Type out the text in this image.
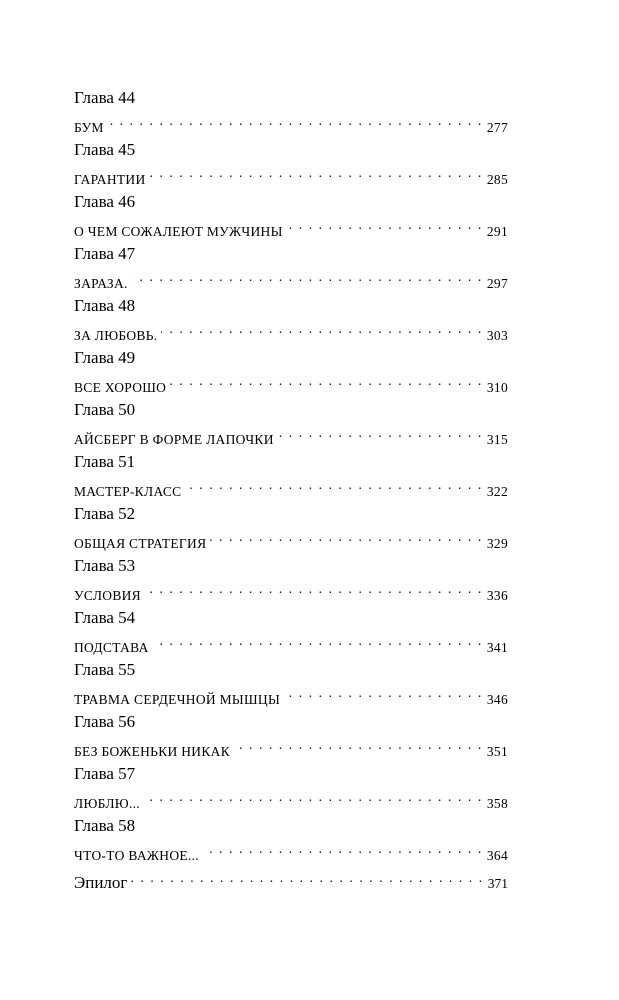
Глава 44
БУМ . . .	277
Глава 45
ГАРАНТИИ . . .	285
Глава 46
О ЧЕМ СОЖАЛЕЮТ МУЖЧИНЫ . . .	291
Глава 47
ЗАРАЗА. . . .	297
Глава 48
ЗА ЛЮБОВЬ. . . .	303
Глава 49
ВСЕ ХОРОШО . . .	310
Глава 50
АЙСБЕРГ В ФОРМЕ ЛАПОЧКИ . . .	315
Глава 51
МАСТЕР-КЛАСС . . .	322
Глава 52
ОБЩАЯ СТРАТЕГИЯ . . .	329
Глава 53
УСЛОВИЯ . . .	336
Глава 54
ПОДСТАВА . . .	341
Глава 55
ТРАВМА СЕРДЕЧНОЙ МЫШЦЫ . . .	346
Глава 56
БЕЗ БОЖЕНЬКИ НИКАК . . .	351
Глава 57
ЛЮБЛЮ... . . .	358
Глава 58
ЧТО-ТО ВАЖНОЕ... . . .	364
Эпилог . . .	371
